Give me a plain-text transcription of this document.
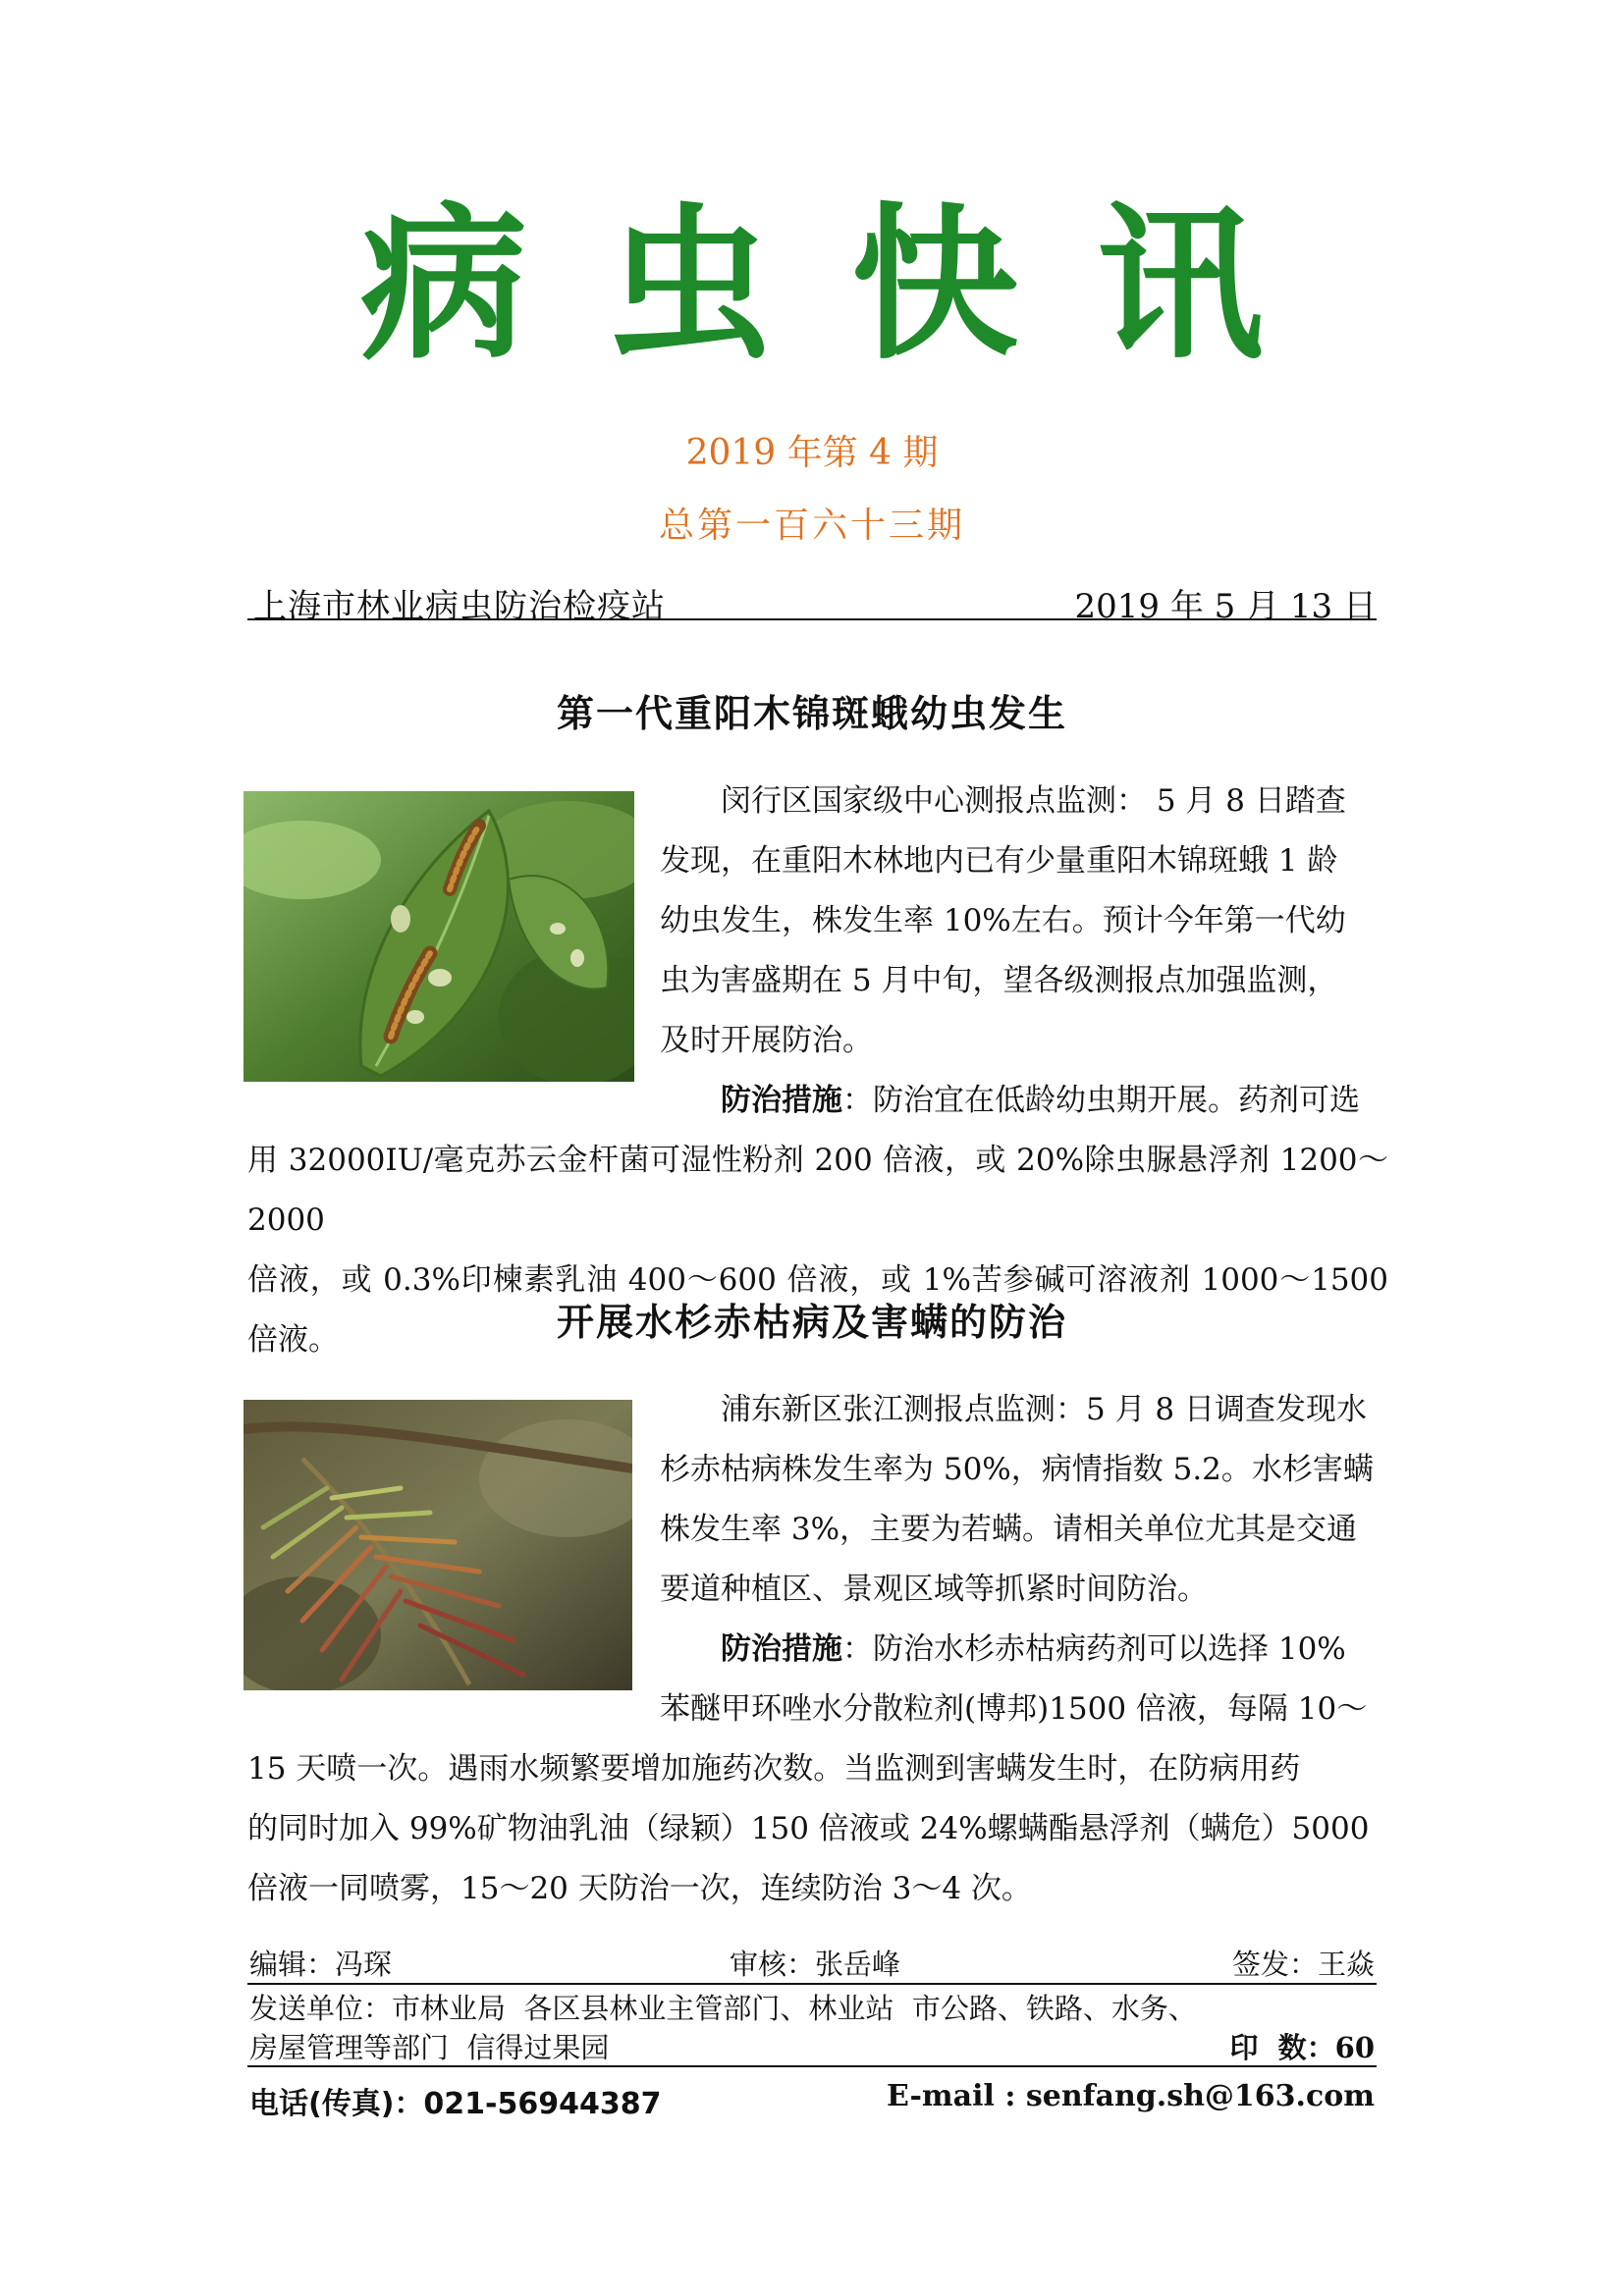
病虫快讯
2019 年第 4 期
总第一百六十三期
上海市林业病虫防治检疫站	2019 年 5 月 13 日
第一代重阳木锦斑蛾幼虫发生

闵行区国家级中心测报点监测： 5 月 8 日踏查
发现，在重阳木林地内已有少量重阳木锦斑蛾 1 龄
幼虫发生，株发生率 10%左右。预计今年第一代幼
虫为害盛期在 5 月中旬，望各级测报点加强监测，
及时开展防治。
防治措施：防治宜在低龄幼虫期开展。药剂可选

用 32000IU/毫克苏云金杆菌可湿性粉剂 200 倍液，或 20%除虫脲悬浮剂 1200～2000
倍液，或 0.3%印楝素乳油 400～600 倍液，或 1%苦参碱可溶液剂 1000～1500 倍液。	开展水杉赤枯病及害螨的防治

浦东新区张江测报点监测：5 月 8 日调查发现水
杉赤枯病株发生率为 50%，病情指数 5.2。水杉害螨
株发生率 3%，主要为若螨。请相关单位尤其是交通
要道种植区、景观区域等抓紧时间防治。
防治措施：防治水杉赤枯病药剂可以选择 10%
苯醚甲环唑水分散粒剂(博邦)1500 倍液，每隔 10～

15 天喷一次。遇雨水频繁要增加施药次数。当监测到害螨发生时，在防病用药
的同时加入 99%矿物油乳油（绿颖）150 倍液或 24%螺螨酯悬浮剂（螨危）5000
倍液一同喷雾，15～20 天防治一次，连续防治 3～4 次。

编辑：冯琛	审核：张岳峰	签发：王焱
发送单位：市林业局  各区县林业主管部门、林业站  市公路、铁路、水务、
房屋管理等部门  信得过果园	印  数：60
电话(传真)：021-56944387	E-mail : senfang.sh@163.com
